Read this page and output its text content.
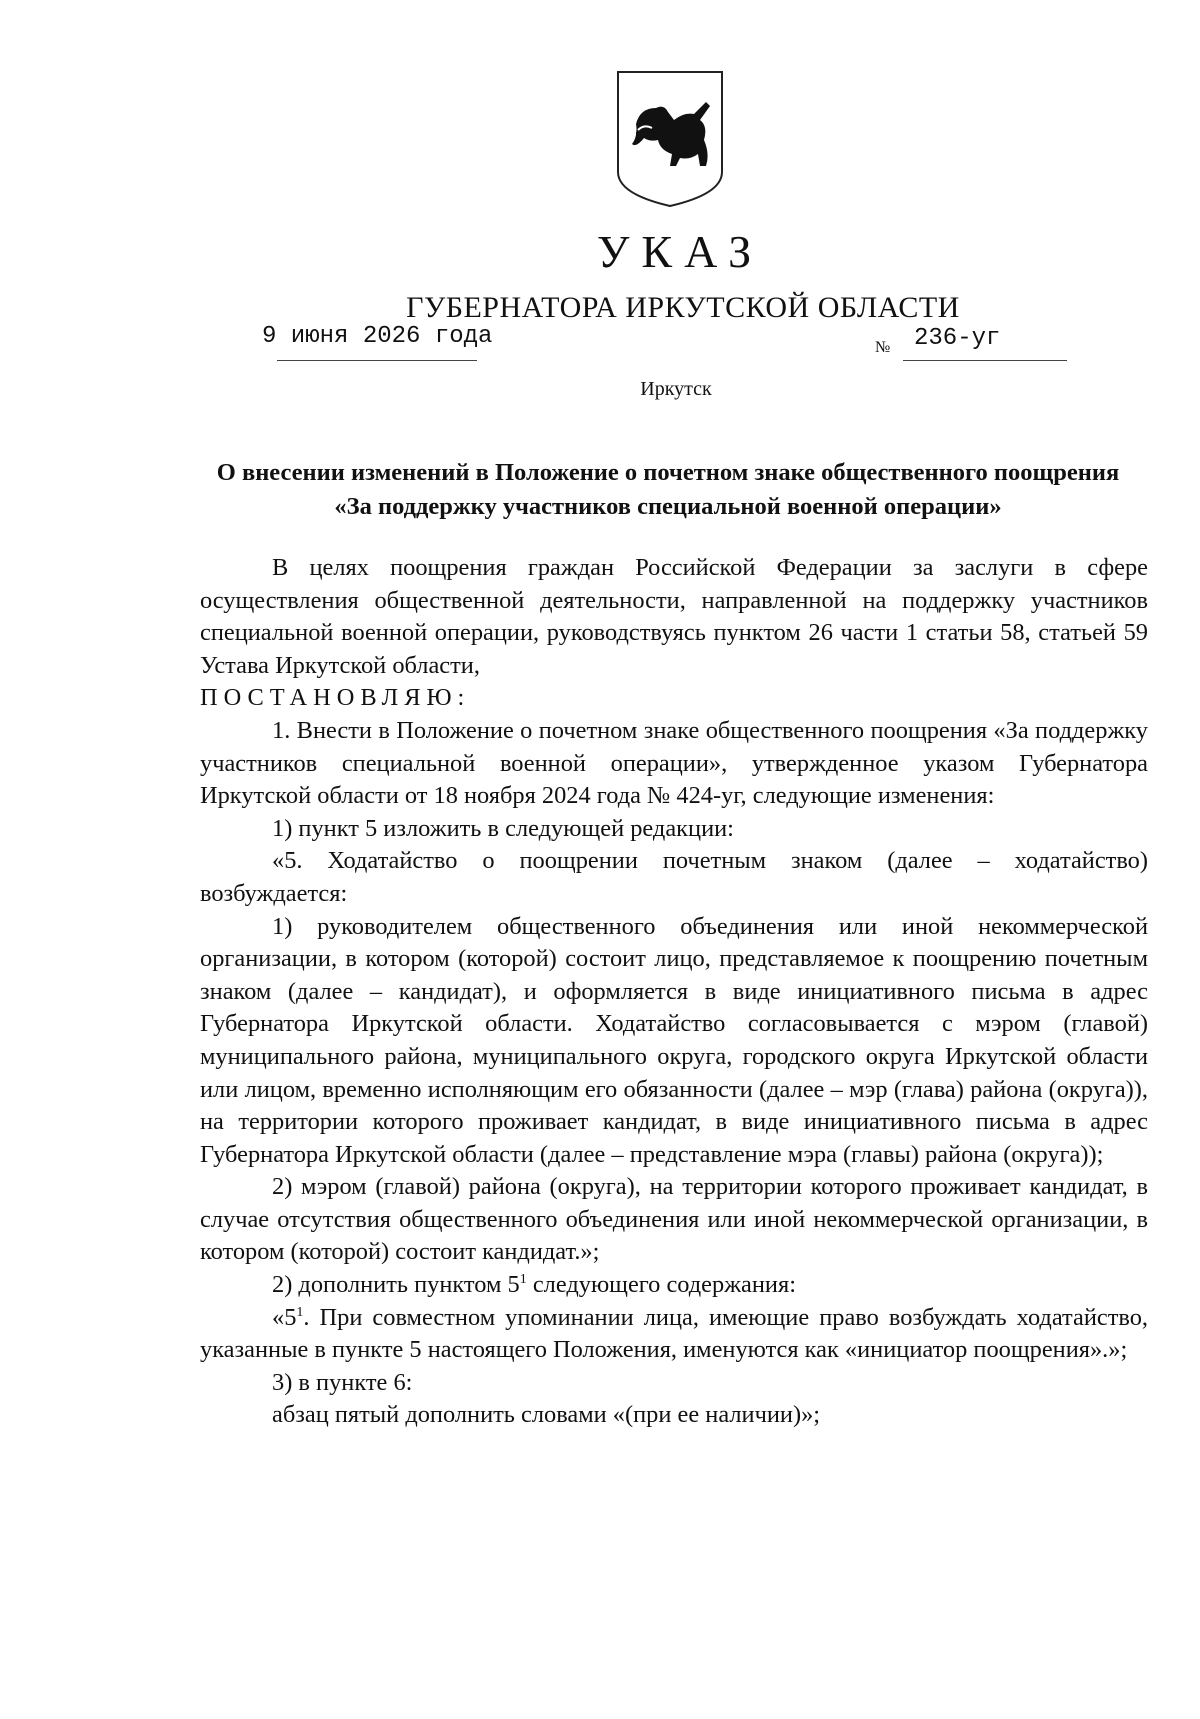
УКАЗ
ГУБЕРНАТОРА ИРКУТСКОЙ ОБЛАСТИ
9 июня 2026 года	№ 236-уг
Иркутск
О внесении изменений в Положение о почетном знаке общественного поощрения «За поддержку участников специальной военной операции»

В целях поощрения граждан Российской Федерации за заслуги в сфере осуществления общественной деятельности, направленной на поддержку участников специальной военной операции, руководствуясь пунктом 26 части 1 статьи 58, статьей 59 Устава Иркутской области,

ПОСТАНОВЛЯЮ:

1. Внести в Положение о почетном знаке общественного поощрения «За поддержку участников специальной военной операции», утвержденное указом Губернатора Иркутской области от 18 ноября 2024 года № 424-уг, следующие изменения:

1) пункт 5 изложить в следующей редакции:

«5. Ходатайство о поощрении почетным знаком (далее – ходатайство) возбуждается:

1) руководителем общественного объединения или иной некоммерческой организации, в котором (которой) состоит лицо, представляемое к поощрению почетным знаком (далее – кандидат), и оформляется в виде инициативного письма в адрес Губернатора Иркутской области. Ходатайство согласовывается с мэром (главой) муниципального района, муниципального округа, городского округа Иркутской области или лицом, временно исполняющим его обязанности (далее – мэр (глава) района (округа)), на территории которого проживает кандидат, в виде инициативного письма в адрес Губернатора Иркутской области (далее – представление мэра (главы) района (округа));

2) мэром (главой) района (округа), на территории которого проживает кандидат, в случае отсутствия общественного объединения или иной некоммерческой организации, в котором (которой) состоит кандидат.»;

2) дополнить пунктом $5^1$ следующего содержания:

«$5^1$. При совместном упоминании лица, имеющие право возбуждать ходатайство, указанные в пункте 5 настоящего Положения, именуются как «инициатор поощрения».»;

3) в пункте 6:

абзац пятый дополнить словами «(при ее наличии)»;
